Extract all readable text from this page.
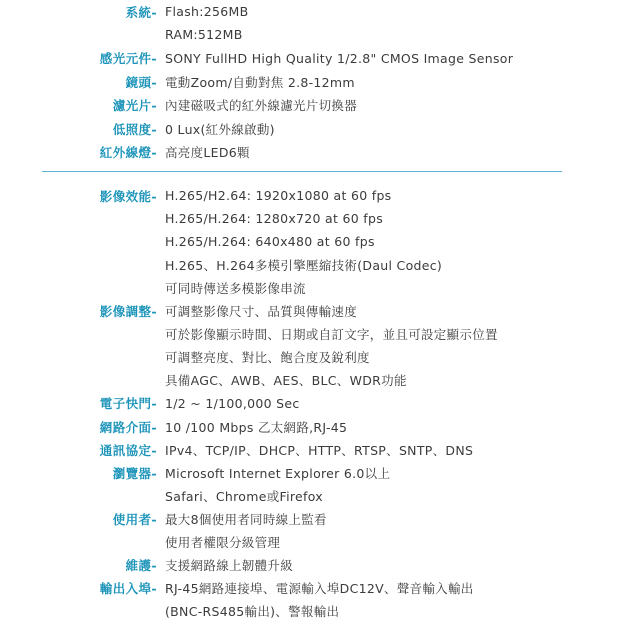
系統- Flash:256MB
RAM:512MB
感光元件- SONY FullHD High Quality 1/2.8" CMOS Image Sensor
鏡頭- 電動Zoom/自動對焦 2.8-12mm
濾光片- 內建磁吸式的紅外線濾光片切換器
低照度- 0 Lux(紅外線啟動)
紅外線燈- 高亮度LED6顆
影像效能- H.265/H2.64: 1920x1080 at 60 fps
H.265/H.264: 1280x720 at 60 fps
H.265/H.264: 640x480 at 60 fps
H.265、H.264多模引擎壓縮技術(Daul Codec)
可同時傳送多模影像串流
影像調整- 可調整影像尺寸、品質與傳輸速度
可於影像顯示時間、日期或自訂文字，並且可設定顯示位置
可調整亮度、對比、飽合度及銳利度
具備AGC、AWB、AES、BLC、WDR功能
電子快門- 1/2 ~ 1/100,000 Sec
網路介面- 10 /100 Mbps 乙太網路,RJ-45
通訊協定- IPv4、TCP/IP、DHCP、HTTP、RTSP、SNTP、DNS
瀏覽器- Microsoft Internet Explorer 6.0以上
Safari、Chrome或Firefox
使用者- 最大8個使用者同時線上監看
使用者權限分級管理
維護- 支援網路線上韌體升級
輸出入埠- RJ-45網路連接埠、電源輸入埠DC12V、聲音輸入輸出
(BNC-RS485輸出)、警報輸出
